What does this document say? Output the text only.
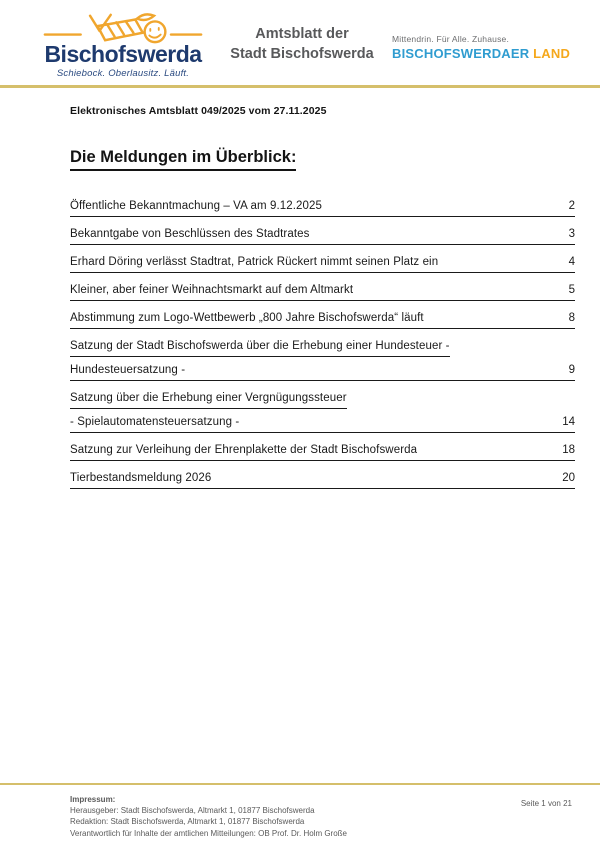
Bischofswerda
Schiebock. Oberlausitz. Läuft.
Amtsblatt der
Stadt Bischofswerda
Mittendrin. Für Alle. Zuhause.
BISCHOFSWERDAER LAND
Elektronisches Amtsblatt 049/2025 vom 27.11.2025
Die Meldungen im Überblick:
Öffentliche Bekanntmachung – VA am 9.12.2025	2
Bekanntgabe von Beschlüssen des Stadtrates	3
Erhard Döring verlässt Stadtrat, Patrick Rückert nimmt seinen Platz ein	4
Kleiner, aber feiner Weihnachtsmarkt auf dem Altmarkt	5
Abstimmung zum Logo-Wettbewerb „800 Jahre Bischofswerda“ läuft	8
Satzung der Stadt Bischofswerda über die Erhebung einer Hundesteuer -
Hundesteuersatzung -	9
Satzung über die Erhebung einer Vergnügungssteuer
- Spielautomatensteuersatzung -	14
Satzung zur Verleihung der Ehrenplakette der Stadt Bischofswerda	18
Tierbestandsmeldung 2026	20
Impressum:
Herausgeber: Stadt Bischofswerda, Altmarkt 1, 01877 Bischofswerda
Redaktion: Stadt Bischofswerda, Altmarkt 1, 01877 Bischofswerda
Verantwortlich für Inhalte der amtlichen Mitteilungen: OB Prof. Dr. Holm Große
Seite 1 von 21
